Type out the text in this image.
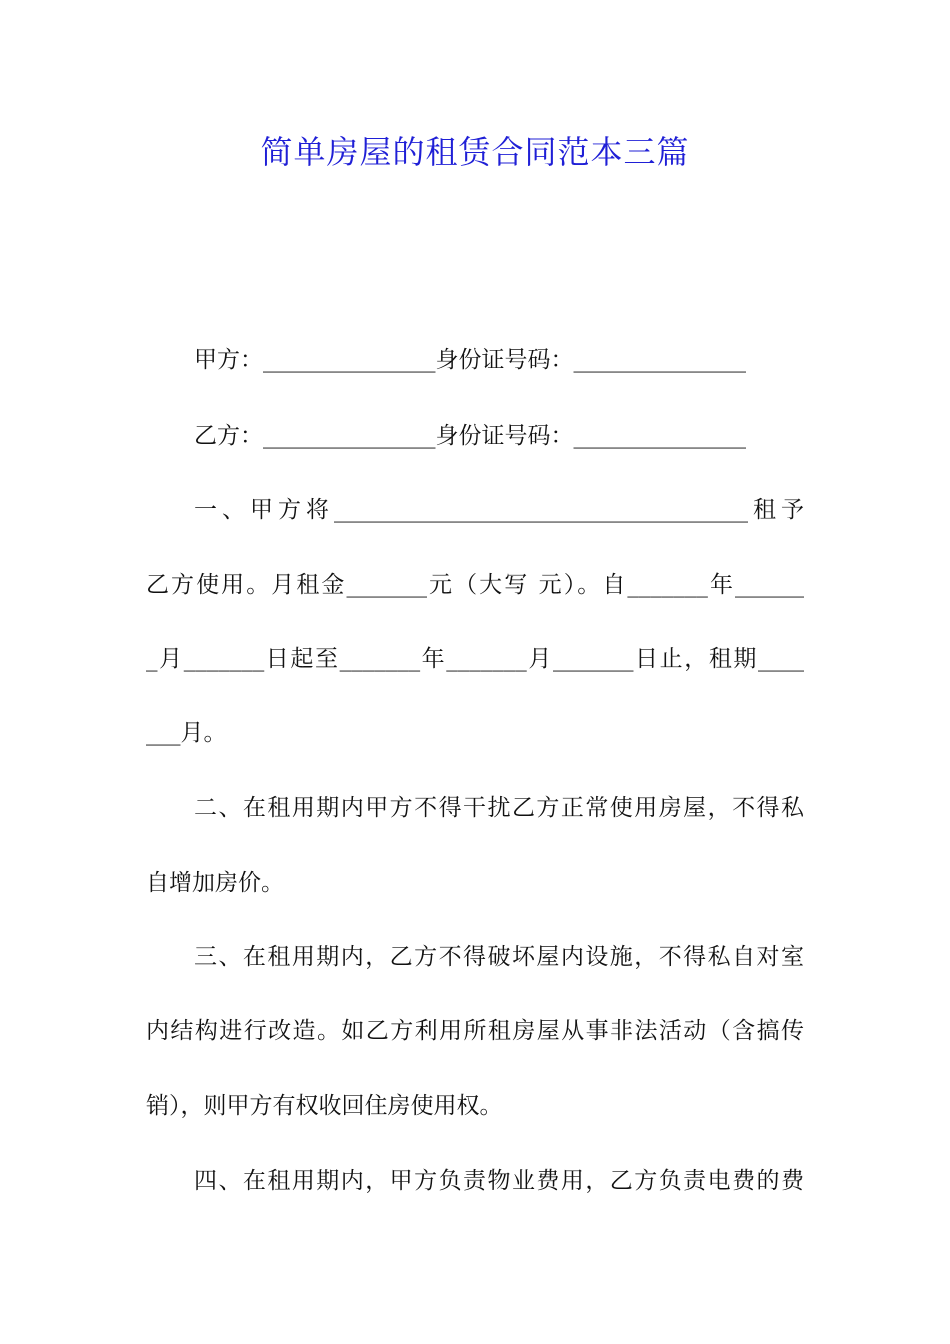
简单房屋的租赁合同范本三篇
甲方：_______________身份证号码：_______________
乙方：_______________身份证号码：_______________
一、甲方将____________________________________租予
乙方使用。月租金_______元（大写 元）。自_______年______
_月_______日起至_______年_______月_______日止，租期____
___月。
二、在租用期内甲方不得干扰乙方正常使用房屋，不得私
自增加房价。
三、在租用期内，乙方不得破坏屋内设施，不得私自对室
内结构进行改造。如乙方利用所租房屋从事非法活动（含搞传
销），则甲方有权收回住房使用权。
四、在租用期内，甲方负责物业费用，乙方负责电费的费
